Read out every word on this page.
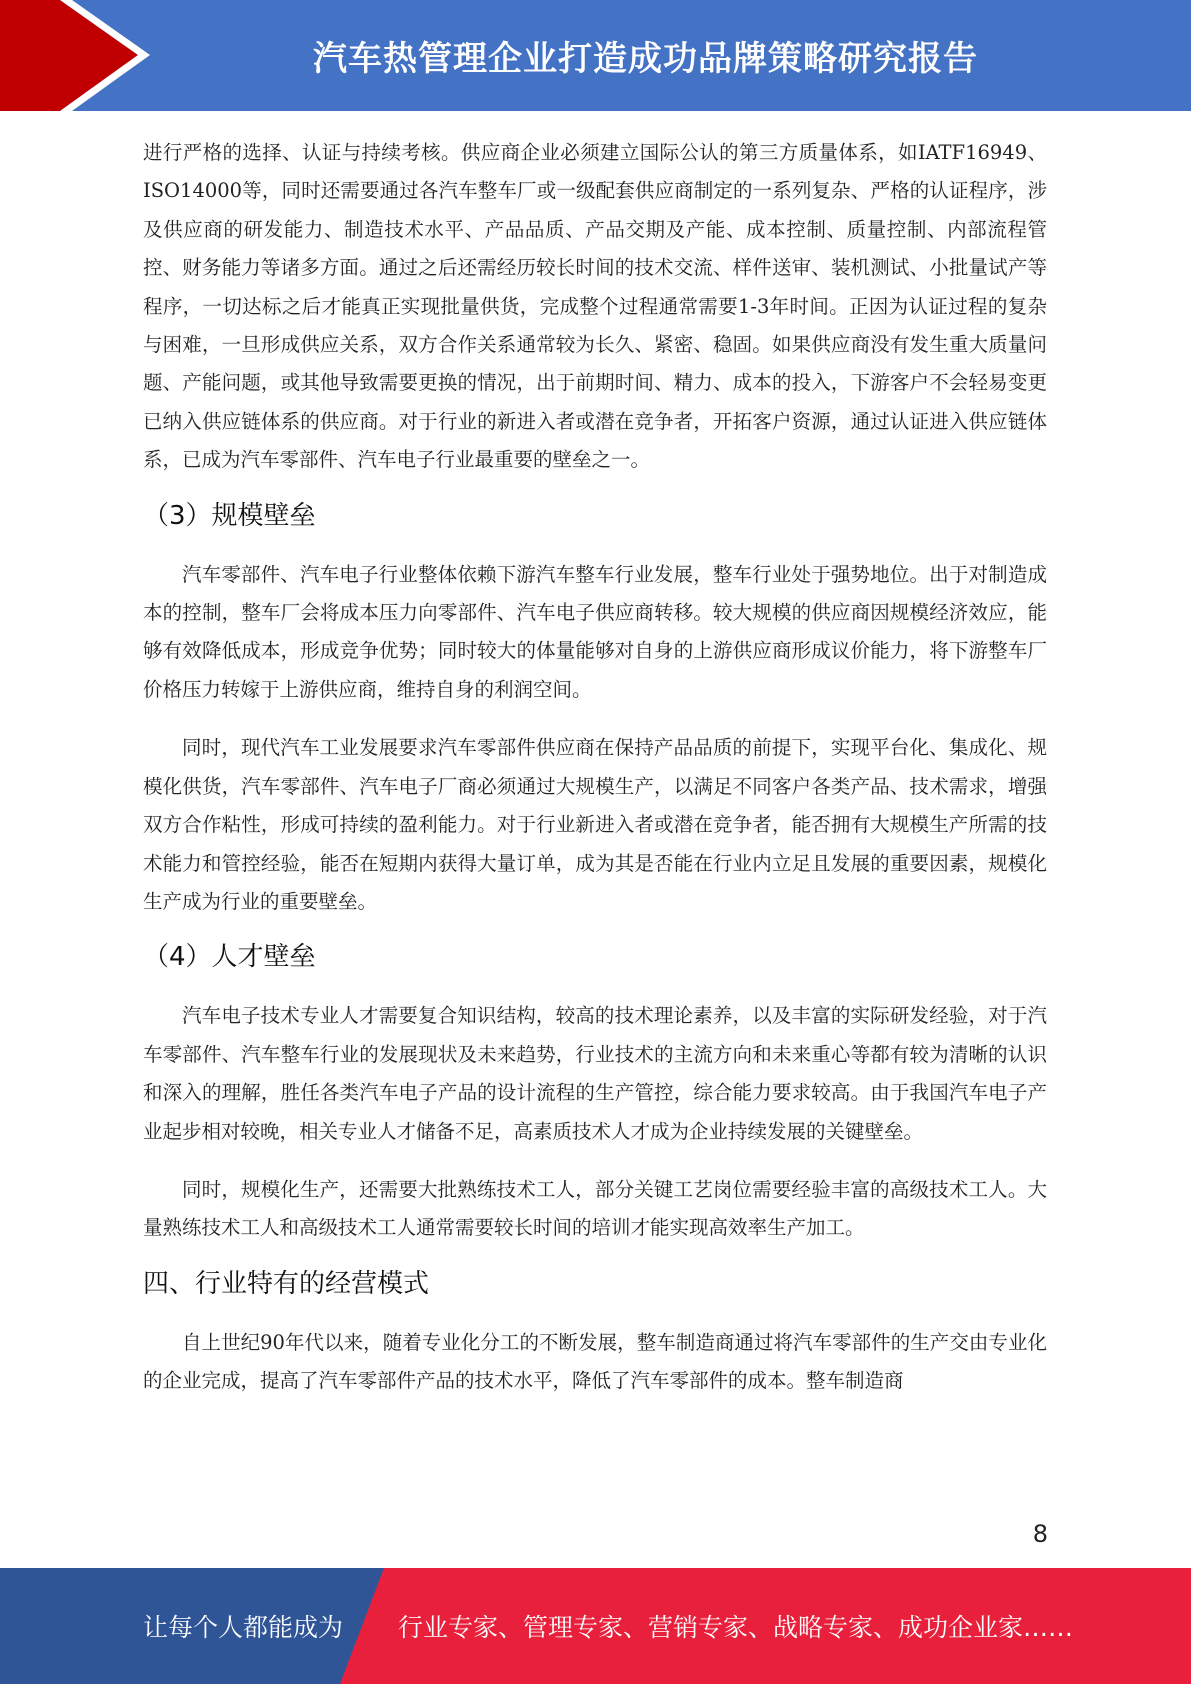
汽车热管理企业打造成功品牌策略研究报告

进行严格的选择、认证与持续考核。供应商企业必须建立国际公认的第三方质量体系，如IATF16949、ISO14000等，同时还需要通过各汽车整车厂或一级配套供应商制定的一系列复杂、严格的认证程序，涉及供应商的研发能力、制造技术水平、产品品质、产品交期及产能、成本控制、质量控制、内部流程管控、财务能力等诸多方面。通过之后还需经历较长时间的技术交流、样件送审、装机测试、小批量试产等程序，一切达标之后才能真正实现批量供货，完成整个过程通常需要1-3年时间。正因为认证过程的复杂与困难，一旦形成供应关系，双方合作关系通常较为长久、紧密、稳固。如果供应商没有发生重大质量问题、产能问题，或其他导致需要更换的情况，出于前期时间、精力、成本的投入，下游客户不会轻易变更已纳入供应链体系的供应商。对于行业的新进入者或潜在竞争者，开拓客户资源，通过认证进入供应链体系，已成为汽车零部件、汽车电子行业最重要的壁垒之一。

（3）规模壁垒

汽车零部件、汽车电子行业整体依赖下游汽车整车行业发展，整车行业处于强势地位。出于对制造成本的控制，整车厂会将成本压力向零部件、汽车电子供应商转移。较大规模的供应商因规模经济效应，能够有效降低成本，形成竞争优势；同时较大的体量能够对自身的上游供应商形成议价能力，将下游整车厂价格压力转嫁于上游供应商，维持自身的利润空间。

同时，现代汽车工业发展要求汽车零部件供应商在保持产品品质的前提下，实现平台化、集成化、规模化供货，汽车零部件、汽车电子厂商必须通过大规模生产，以满足不同客户各类产品、技术需求，增强双方合作粘性，形成可持续的盈利能力。对于行业新进入者或潜在竞争者，能否拥有大规模生产所需的技术能力和管控经验，能否在短期内获得大量订单，成为其是否能在行业内立足且发展的重要因素，规模化生产成为行业的重要壁垒。

（4）人才壁垒

汽车电子技术专业人才需要复合知识结构，较高的技术理论素养，以及丰富的实际研发经验，对于汽车零部件、汽车整车行业的发展现状及未来趋势，行业技术的主流方向和未来重心等都有较为清晰的认识和深入的理解，胜任各类汽车电子产品的设计流程的生产管控，综合能力要求较高。由于我国汽车电子产业起步相对较晚，相关专业人才储备不足，高素质技术人才成为企业持续发展的关键壁垒。

同时，规模化生产，还需要大批熟练技术工人，部分关键工艺岗位需要经验丰富的高级技术工人。大量熟练技术工人和高级技术工人通常需要较长时间的培训才能实现高效率生产加工。

四、行业特有的经营模式

自上世纪90年代以来，随着专业化分工的不断发展，整车制造商通过将汽车零部件的生产交由专业化的企业完成，提高了汽车零部件产品的技术水平，降低了汽车零部件的成本。整车制造商

8
让每个人都能成为 行业专家、管理专家、营销专家、战略专家、成功企业家……
